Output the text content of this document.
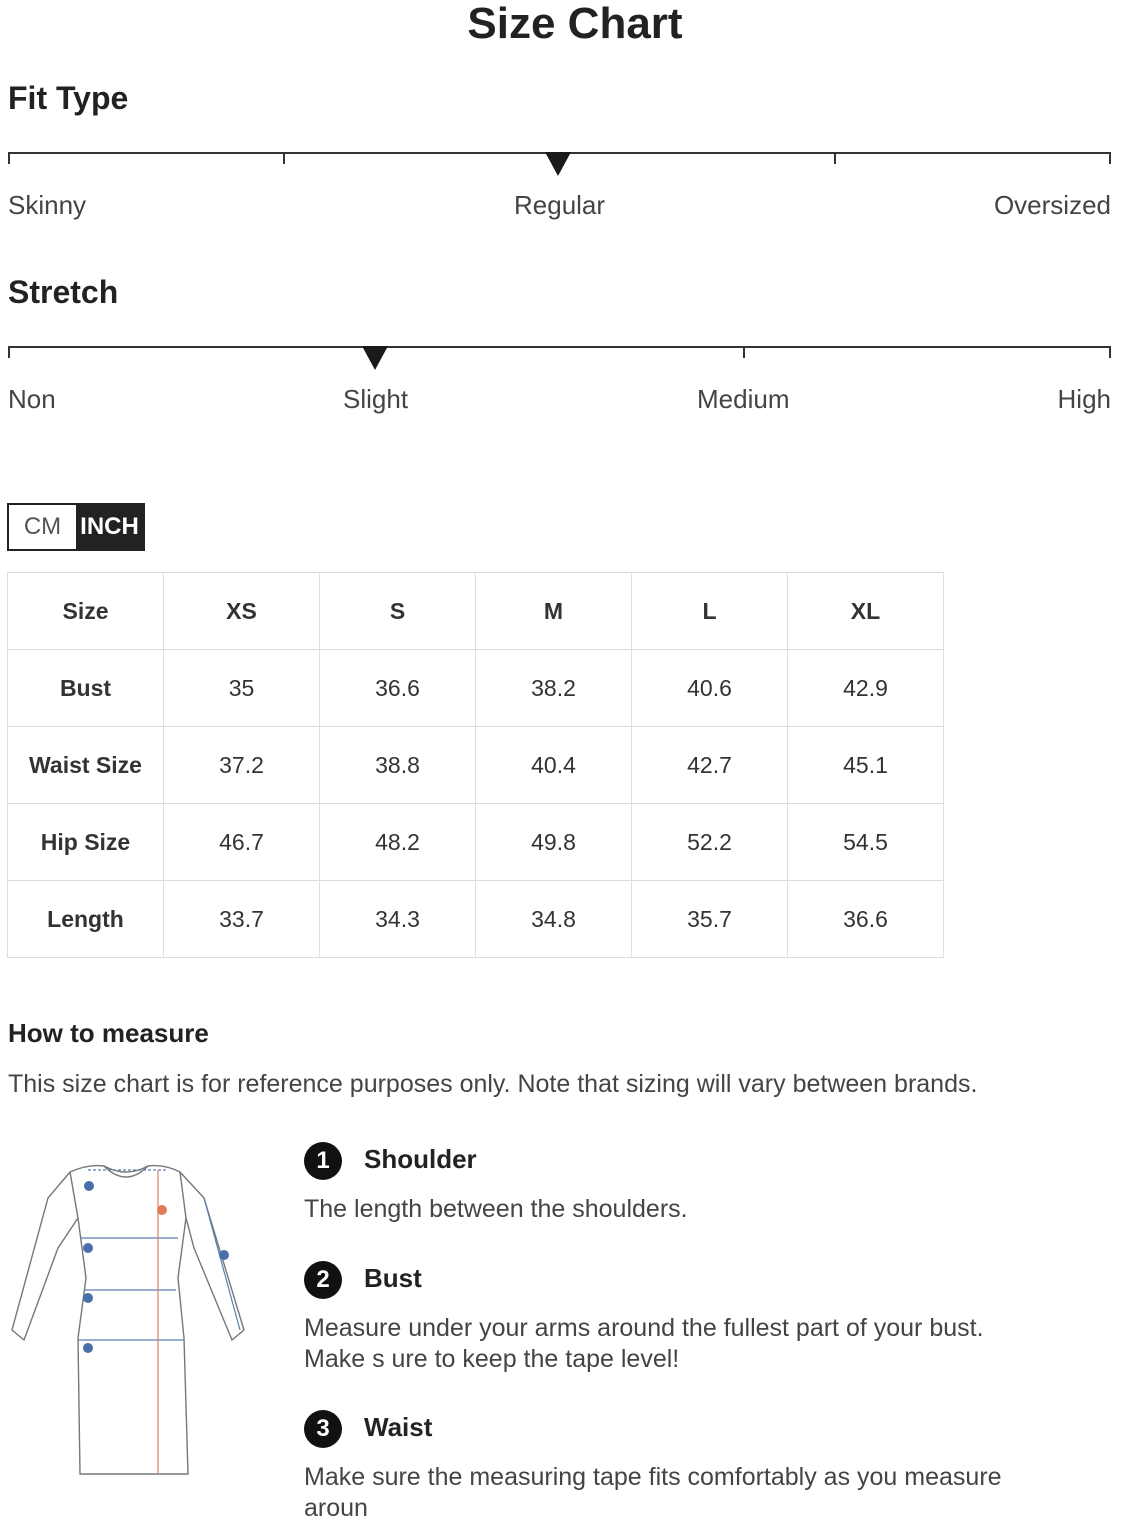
Size Chart
Fit Type
Skinny	Regular	Oversized
Stretch
Non	Slight	Medium	High
CM INCH
Size	XS	S	M	L	XL
Bust	35	36.6	38.2	40.6	42.9
Waist Size	37.2	38.8	40.4	42.7	45.1
Hip Size	46.7	48.2	49.8	52.2	54.5
Length	33.7	34.3	34.8	35.7	36.6
How to measure
This size chart is for reference purposes only. Note that sizing will vary between brands.
1	Shoulder
The length between the shoulders.
2	Bust
Measure under your arms around the fullest part of your bust. Make s ure to keep the tape level!
3	Waist
Make sure the measuring tape fits comfortably as you measure aroun
